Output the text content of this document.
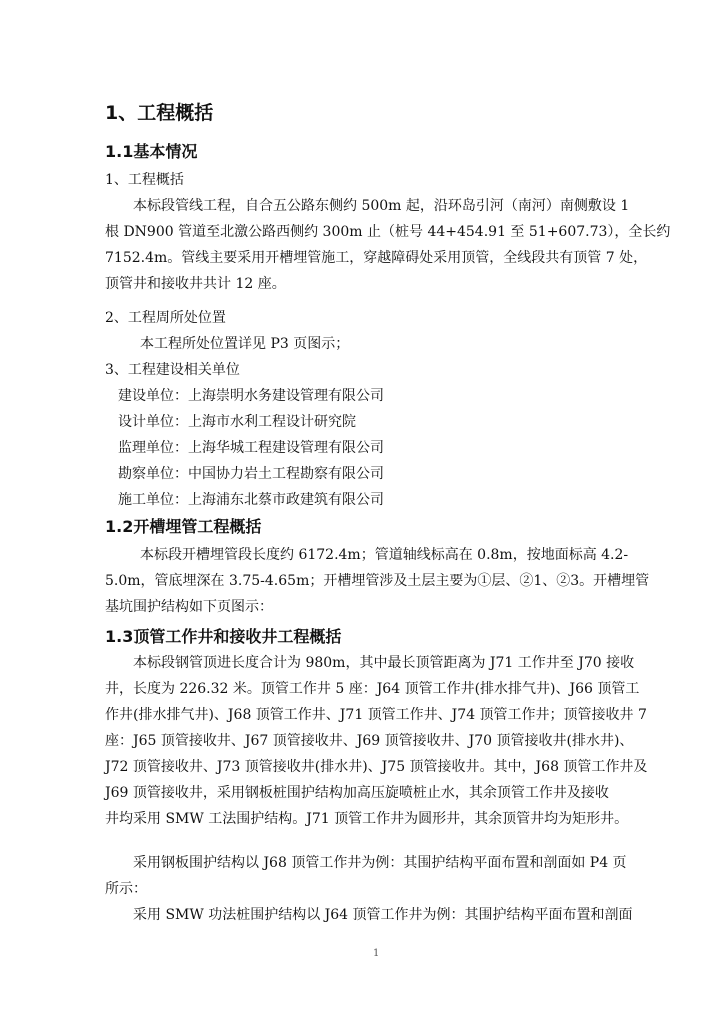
1、工程概括
1.1基本情况
1、工程概括
本标段管线工程，自合五公路东侧约 500m 起，沿环岛引河（南河）南侧敷设 1
根 DN900 管道至北激公路西侧约 300m 止（桩号 44+454.91 至 51+607.73），全长约
7152.4m。管线主要采用开槽埋管施工，穿越障碍处采用顶管，全线段共有顶管 7 处，
顶管井和接收井共计 12 座。
2、工程周所处位置
本工程所处位置详见 P3 页图示；
3、工程建设相关单位
建设单位：上海崇明水务建设管理有限公司
设计单位：上海市水利工程设计研究院
监理单位：上海华城工程建设管理有限公司
勘察单位：中国协力岩土工程勘察有限公司
施工单位：上海浦东北蔡市政建筑有限公司
1.2开槽埋管工程概括
本标段开槽埋管段长度约 6172.4m；管道轴线标高在 0.8m，按地面标高 4.2-
5.0m，管底埋深在 3.75-4.65m；开槽埋管涉及土层主要为①层、②1、②3。开槽埋管
基坑围护结构如下页图示：
1.3顶管工作井和接收井工程概括
本标段钢管顶进长度合计为 980m，其中最长顶管距离为 J71 工作井至 J70 接收
井，长度为 226.32 米。顶管工作井 5 座：J64 顶管工作井(排水排气井)、J66 顶管工
作井(排水排气井)、J68 顶管工作井、J71 顶管工作井、J74 顶管工作井；顶管接收井 7
座：J65 顶管接收井、J67 顶管接收井、J69 顶管接收井、J70 顶管接收井(排水井)、
J72 顶管接收井、J73 顶管接收井(排水井)、J75 顶管接收井。其中，J68 顶管工作井及
J69 顶管接收井，采用钢板桩围护结构加高压旋喷桩止水，其余顶管工作井及接收
井均采用 SMW 工法围护结构。J71 顶管工作井为圆形井，其余顶管井均为矩形井。
采用钢板围护结构以 J68 顶管工作井为例：其围护结构平面布置和剖面如 P4 页
所示：
采用 SMW 功法桩围护结构以 J64 顶管工作井为例：其围护结构平面布置和剖面
1
